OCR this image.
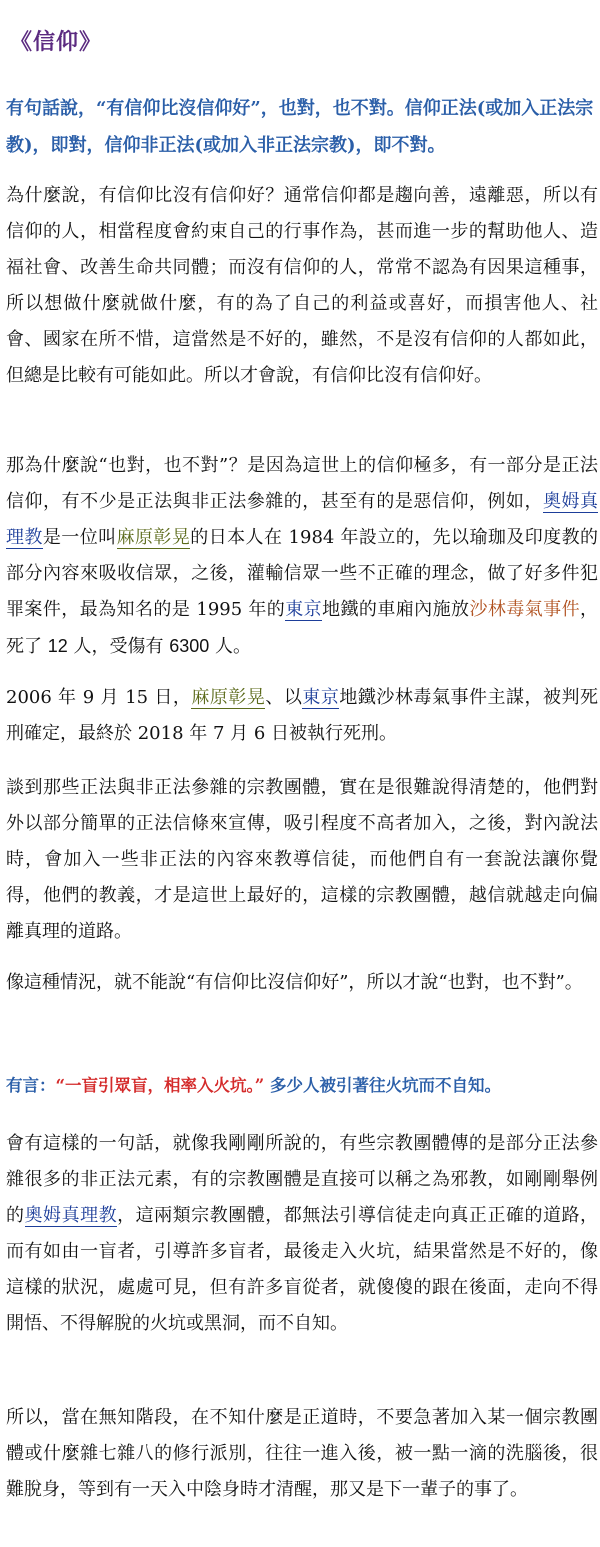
《信仰》
有句話說，“有信仰比沒信仰好”，也對，也不對。信仰正法(或加入正法宗教)，即對，信仰非正法(或加入非正法宗教)，即不對。
為什麼說，有信仰比沒有信仰好？通常信仰都是趨向善，遠離惡，所以有信仰的人，相當程度會約束自己的行事作為，甚而進一步的幫助他人、造福社會、改善生命共同體；而沒有信仰的人，常常不認為有因果這種事，所以想做什麼就做什麼，有的為了自己的利益或喜好，而損害他人、社會、國家在所不惜，這當然是不好的，雖然，不是沒有信仰的人都如此，但總是比較有可能如此。所以才會說，有信仰比沒有信仰好。
那為什麼說“也對，也不對”？是因為這世上的信仰極多，有一部分是正法信仰，有不少是正法與非正法參雜的，甚至有的是惡信仰，例如，奧姆真理教是一位叫麻原彰晃的日本人在 1984 年設立的，先以瑜珈及印度教的部分內容來吸收信眾，之後，灌輸信眾一些不正確的理念，做了好多件犯罪案件，最為知名的是 1995 年的東京地鐵的車廂內施放沙林毒氣事件，死了 12 人，受傷有 6300 人。
2006 年 9 月 15 日，麻原彰晃、以東京地鐵沙林毒氣事件主謀，被判死刑確定，最終於 2018 年 7 月 6 日被執行死刑。
談到那些正法與非正法參雜的宗教團體，實在是很難說得清楚的，他們對外以部分簡單的正法信條來宣傳，吸引程度不高者加入，之後，對內說法時，會加入一些非正法的內容來教導信徒，而他們自有一套說法讓你覺得，他們的教義，才是這世上最好的，這樣的宗教團體，越信就越走向偏離真理的道路。
像這種情況，就不能說“有信仰比沒信仰好”，所以才說“也對，也不對”。
有言：“一盲引眾盲，相率入火坑。” 多少人被引著往火坑而不自知。
會有這樣的一句話，就像我剛剛所說的，有些宗教團體傳的是部分正法參雜很多的非正法元素，有的宗教團體是直接可以稱之為邪教，如剛剛舉例的奧姆真理教，這兩類宗教團體，都無法引導信徒走向真正正確的道路，而有如由一盲者，引導許多盲者，最後走入火坑，結果當然是不好的，像這樣的狀況，處處可見，但有許多盲從者，就傻傻的跟在後面，走向不得開悟、不得解脫的火坑或黑洞，而不自知。
所以，當在無知階段，在不知什麼是正道時，不要急著加入某一個宗教團體或什麼雜七雜八的修行派別，往往一進入後，被一點一滴的洗腦後，很難脫身，等到有一天入中陰身時才清醒，那又是下一輩子的事了。
